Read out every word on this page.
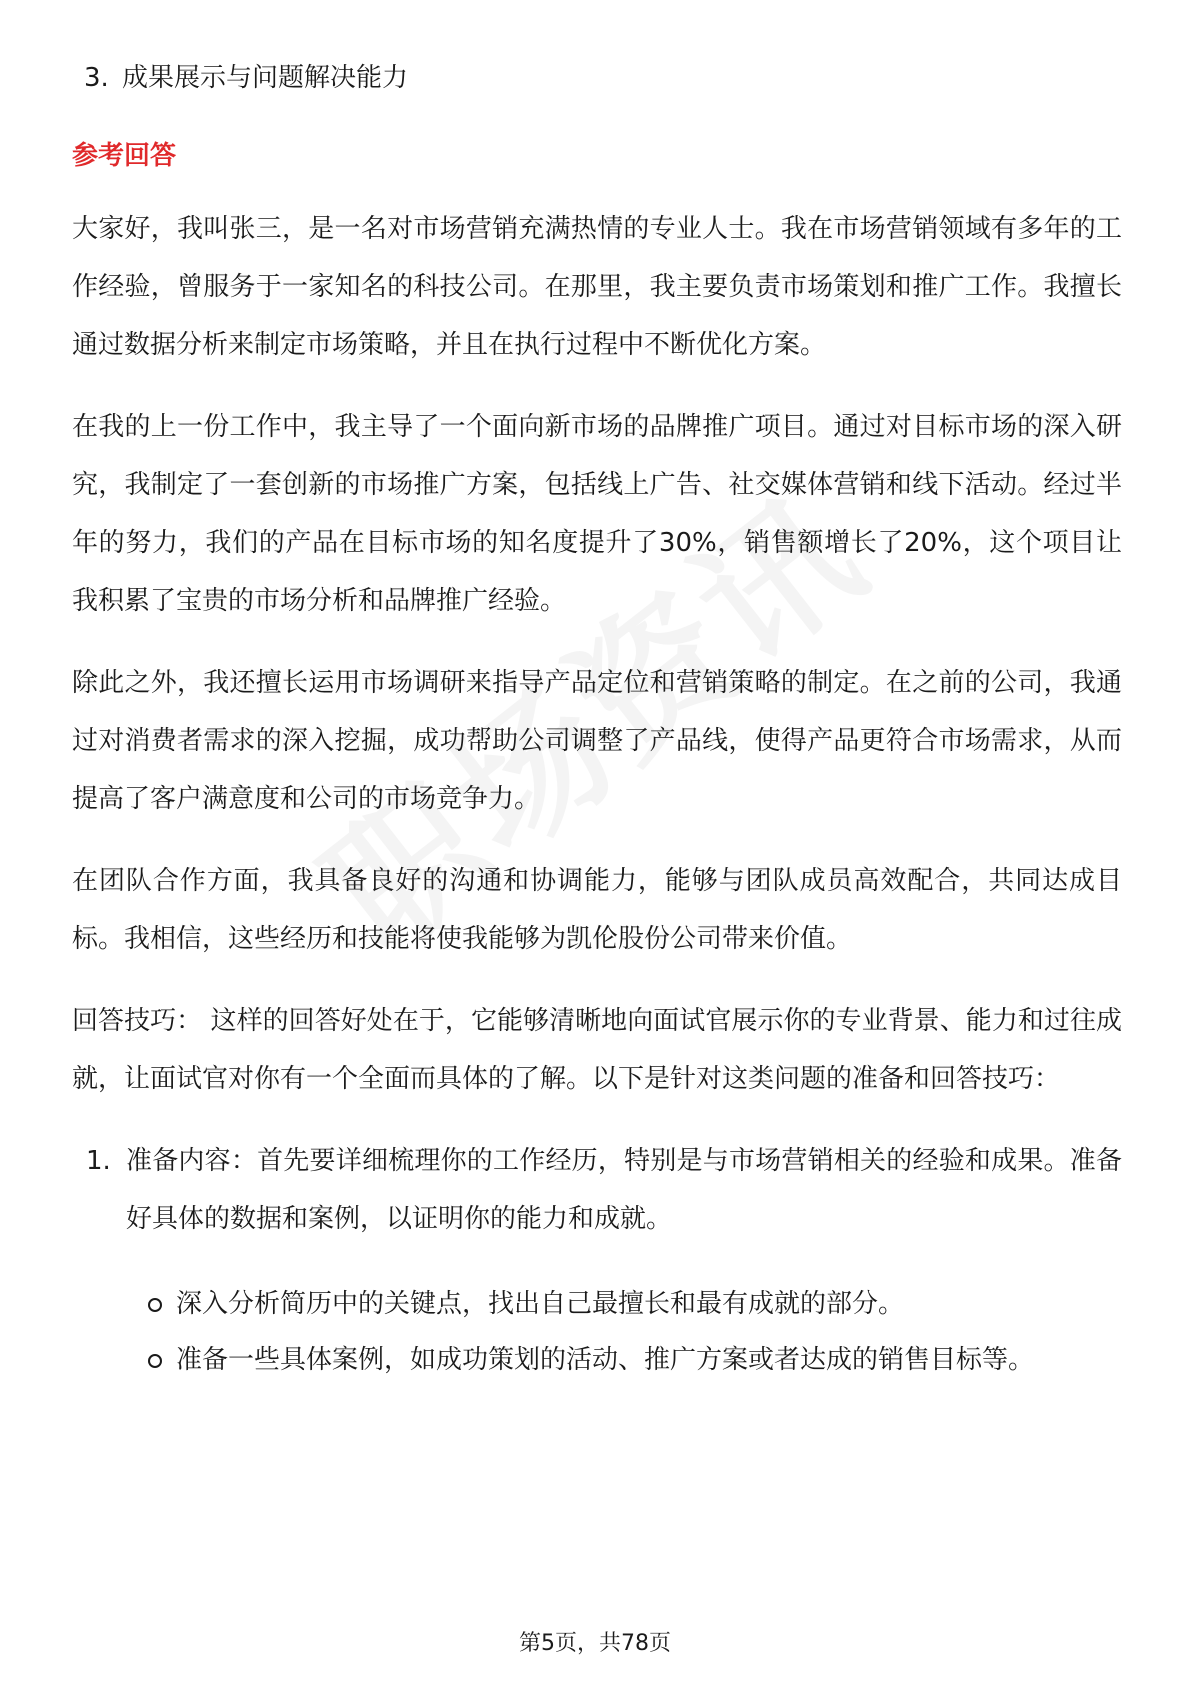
3. 成果展示与问题解决能力

参考回答

大家好，我叫张三，是一名对市场营销充满热情的专业人士。我在市场营销领域有多年的工作经验，曾服务于一家知名的科技公司。在那里，我主要负责市场策划和推广工作。我擅长通过数据分析来制定市场策略，并且在执行过程中不断优化方案。

在我的上一份工作中，我主导了一个面向新市场的品牌推广项目。通过对目标市场的深入研究，我制定了一套创新的市场推广方案，包括线上广告、社交媒体营销和线下活动。经过半年的努力，我们的产品在目标市场的知名度提升了30%，销售额增长了20%，这个项目让我积累了宝贵的市场分析和品牌推广经验。

除此之外，我还擅长运用市场调研来指导产品定位和营销策略的制定。在之前的公司，我通过对消费者需求的深入挖掘，成功帮助公司调整了产品线，使得产品更符合市场需求，从而提高了客户满意度和公司的市场竞争力。

在团队合作方面，我具备良好的沟通和协调能力，能够与团队成员高效配合，共同达成目标。我相信，这些经历和技能将使我能够为凯伦股份公司带来价值。

回答技巧： 这样的回答好处在于，它能够清晰地向面试官展示你的专业背景、能力和过往成就，让面试官对你有一个全面而具体的了解。以下是针对这类问题的准备和回答技巧：

1. 准备内容：首先要详细梳理你的工作经历，特别是与市场营销相关的经验和成果。准备好具体的数据和案例，以证明你的能力和成就。
深入分析简历中的关键点，找出自己最擅长和最有成就的部分。
准备一些具体案例，如成功策划的活动、推广方案或者达成的销售目标等。
第5页，共78页
